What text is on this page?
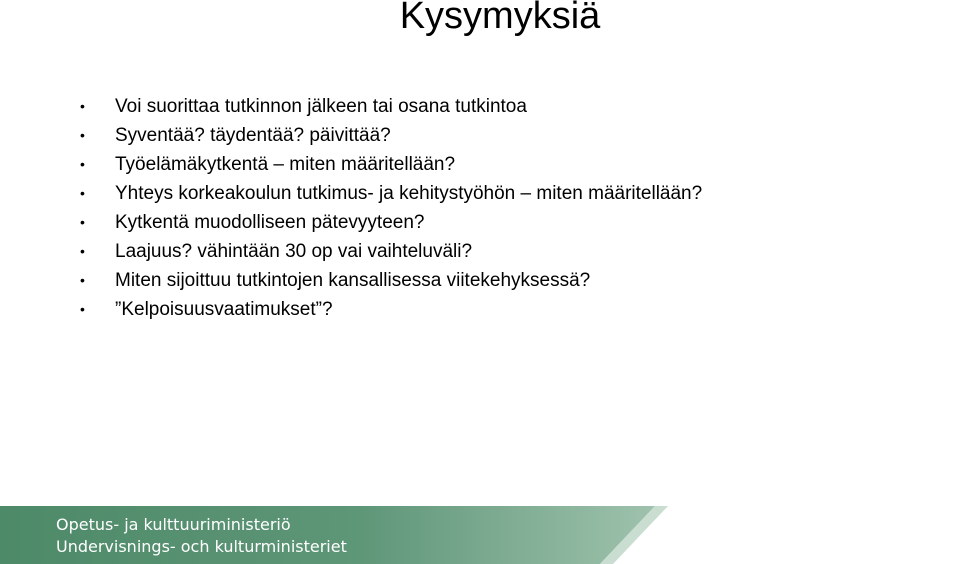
Kysymyksiä
• Voi suorittaa tutkinnon jälkeen tai osana tutkintoa
• Syventää? täydentää? päivittää?
• Työelämäkytkentä – miten määritellään?
• Yhteys korkeakoulun tutkimus- ja kehitystyöhön – miten määritellään?
• Kytkentä muodolliseen pätevyyteen?
• Laajuus? vähintään 30 op vai vaihteluväli?
• Miten sijoittuu tutkintojen kansallisessa viitekehyksessä?
• ”Kelpoisuusvaatimukset”?
Opetus- ja kulttuuriministeriö
Undervisnings- och kulturministeriet
